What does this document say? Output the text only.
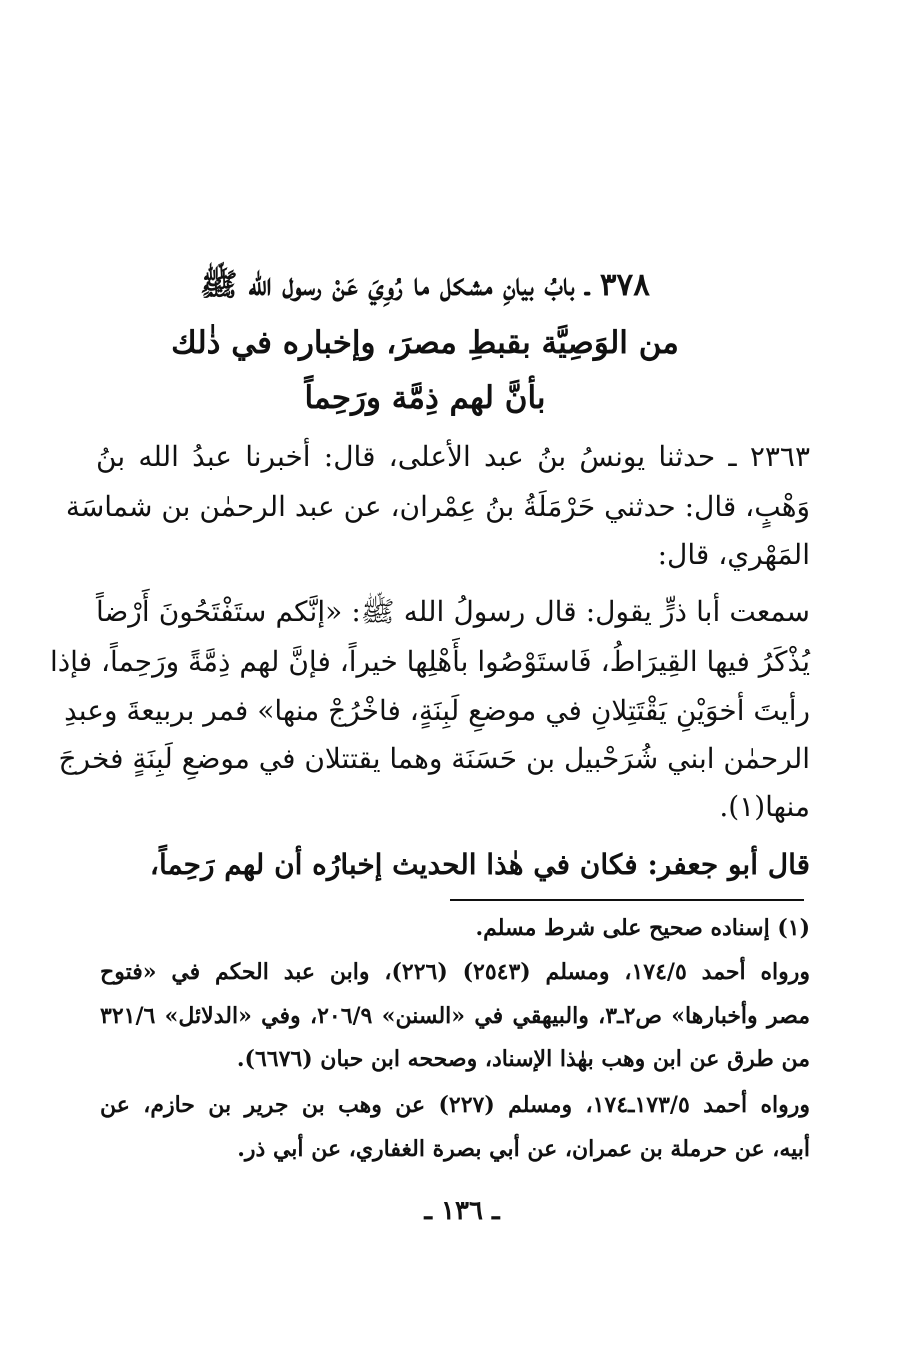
٣٧٨ ـ بابُ بيانِ مشكل ما رُوِيَ عَنْ رسول الله ﷺ
من الوَصِيَّة بقبطِ مصرَ، وإخباره في ذٰلك
بأنَّ لهم ذِمَّة ورَحِماً
٢٣٦٣ ـ حدثنا يونسُ بنُ عبد الأعلى، قال: أخبرنا عبدُ الله بنُ
وَهْبٍ، قال: حدثني حَرْمَلَةُ بنُ عِمْران، عن عبد الرحمٰن بن شماسَة
المَهْري، قال:
سمعت أبا ذرٍّ يقول: قال رسولُ الله ﷺ: «إنَّكم ستَفْتَحُونَ أَرْضاً
يُذْكَرُ فيها القِيرَاطُ، فَاستَوْصُوا بأَهْلِها خيراً، فإنَّ لهم ذِمَّةً ورَحِماً، فإذا
رأيتَ أخوَيْنِ يَقْتَتِلانِ في موضعِ لَبِنَةٍ، فاخْرُجْ منها» فمر بربيعةَ وعبدِ
الرحمٰن ابني شُرَحْبيل بن حَسَنَة وهما يقتتلان في موضعِ لَبِنَةٍ فخرجَ
منها(١).
قال أبو جعفر: فكان في هٰذا الحديث إخبارُه أن لهم رَحِماً،
(١) إسناده صحيح على شرط مسلم.
ورواه أحمد ١٧٤/٥، ومسلم (٢٥٤٣) (٢٢٦)، وابن عبد الحكم في «فتوح
مصر وأخبارها» ص٢ـ٣، والبيهقي في «السنن» ٢٠٦/٩، وفي «الدلائل» ٣٢١/٦
من طرق عن ابن وهب بهٰذا الإسناد، وصححه ابن حبان (٦٦٧٦).
ورواه أحمد ١٧٣/٥ـ١٧٤، ومسلم (٢٢٧) عن وهب بن جرير بن حازم، عن
أبيه، عن حرملة بن عمران، عن أبي بصرة الغفاري، عن أبي ذر.
ـ ١٣٦ ـ
